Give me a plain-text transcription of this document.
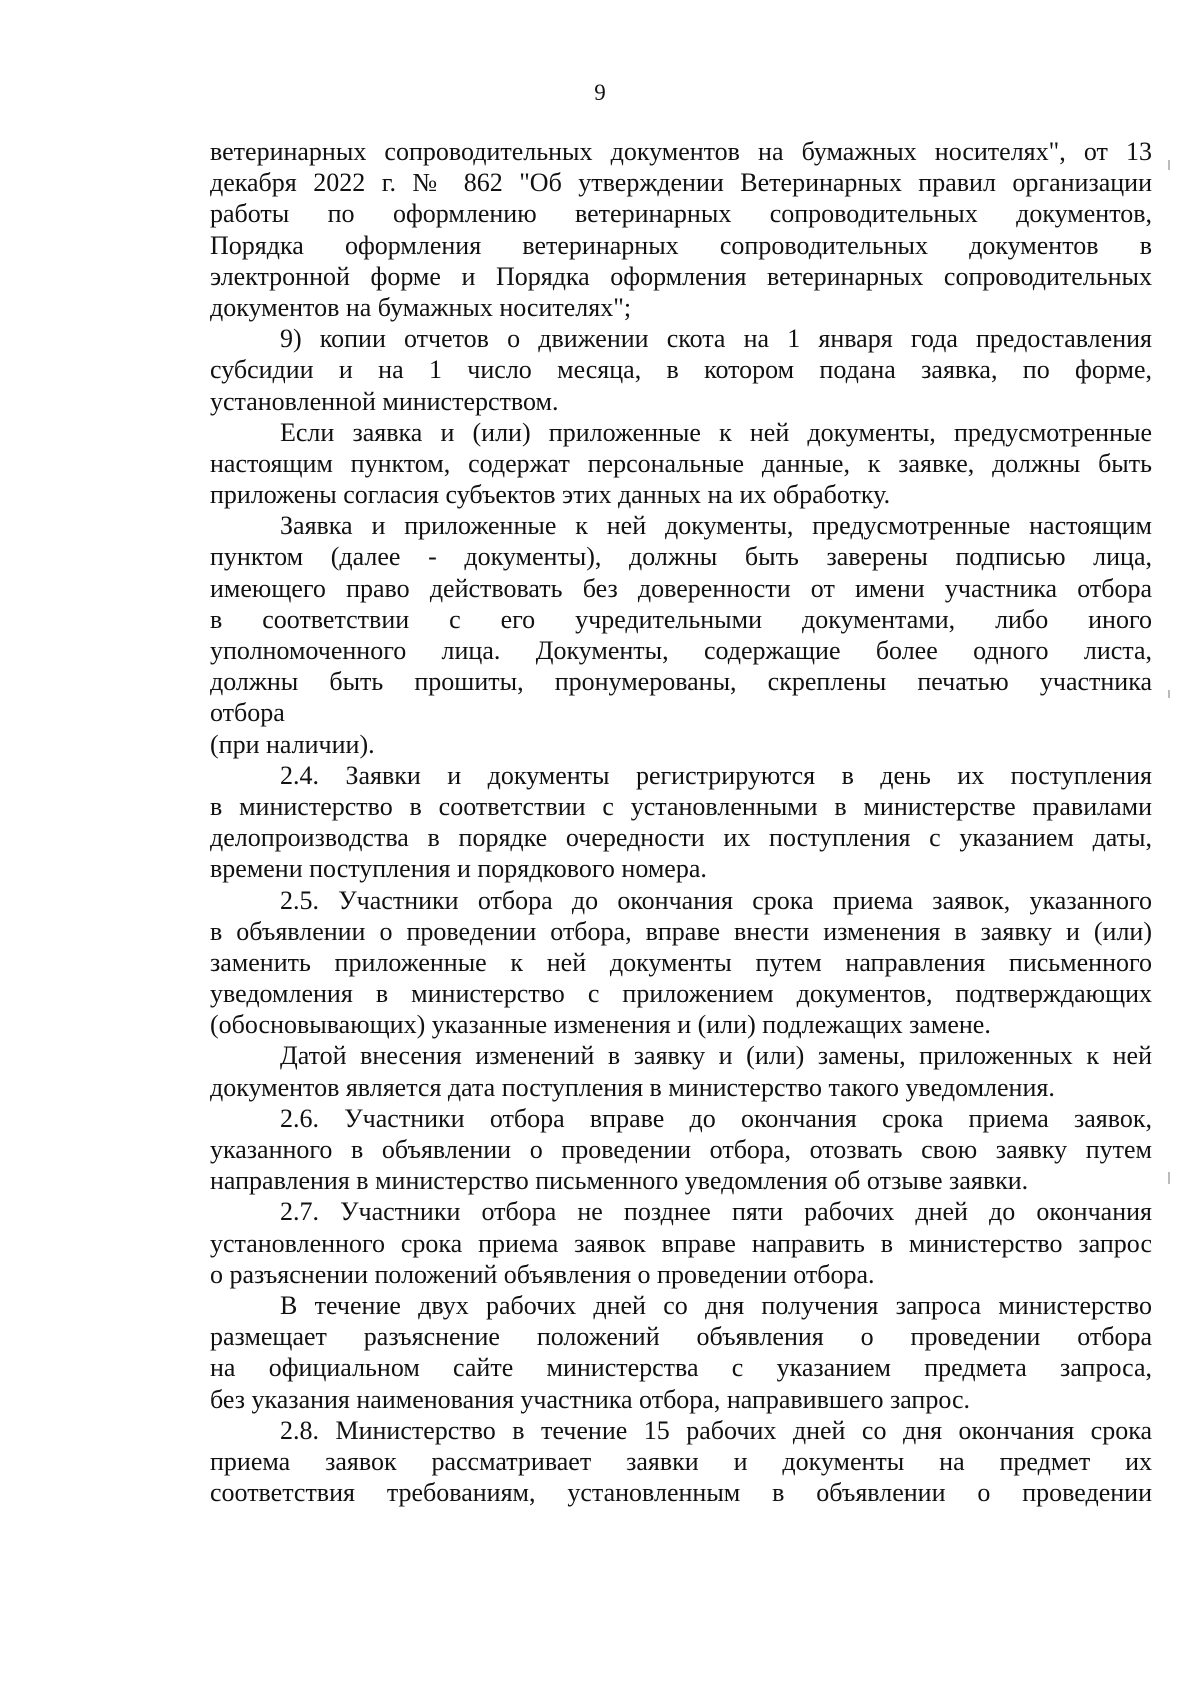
9
ветеринарных сопроводительных документов на бумажных носителях", от 13
декабря 2022 г. № 862 "Об утверждении Ветеринарных правил организации
работы по оформлению ветеринарных сопроводительных документов,
Порядка оформления ветеринарных сопроводительных документов в
электронной форме и Порядка оформления ветеринарных сопроводительных
документов на бумажных носителях";
9) копии отчетов о движении скота на 1 января года предоставления
субсидии и на 1 число месяца, в котором подана заявка, по форме,
установленной министерством.
Если заявка и (или) приложенные к ней документы, предусмотренные
настоящим пунктом, содержат персональные данные, к заявке, должны быть
приложены согласия субъектов этих данных на их обработку.
Заявка и приложенные к ней документы, предусмотренные настоящим
пунктом (далее - документы), должны быть заверены подписью лица,
имеющего право действовать без доверенности от имени участника отбора
в соответствии с его учредительными документами, либо иного
уполномоченного лица. Документы, содержащие более одного листа,
должны быть прошиты, пронумерованы, скреплены печатью участника
отбора
(при наличии).
2.4. Заявки и документы регистрируются в день их поступления
в министерство в соответствии с установленными в министерстве правилами
делопроизводства в порядке очередности их поступления с указанием даты,
времени поступления и порядкового номера.
2.5. Участники отбора до окончания срока приема заявок, указанного
в объявлении о проведении отбора, вправе внести изменения в заявку и (или)
заменить приложенные к ней документы путем направления письменного
уведомления в министерство с приложением документов, подтверждающих
(обосновывающих) указанные изменения и (или) подлежащих замене.
Датой внесения изменений в заявку и (или) замены, приложенных к ней
документов является дата поступления в министерство такого уведомления.
2.6. Участники отбора вправе до окончания срока приема заявок,
указанного в объявлении о проведении отбора, отозвать свою заявку путем
направления в министерство письменного уведомления об отзыве заявки.
2.7. Участники отбора не позднее пяти рабочих дней до окончания
установленного срока приема заявок вправе направить в министерство запрос
о разъяснении положений объявления о проведении отбора.
В течение двух рабочих дней со дня получения запроса министерство
размещает разъяснение положений объявления о проведении отбора
на официальном сайте министерства с указанием предмета запроса,
без указания наименования участника отбора, направившего запрос.
2.8. Министерство в течение 15 рабочих дней со дня окончания срока
приема заявок рассматривает заявки и документы на предмет их
соответствия требованиям, установленным в объявлении о проведении
